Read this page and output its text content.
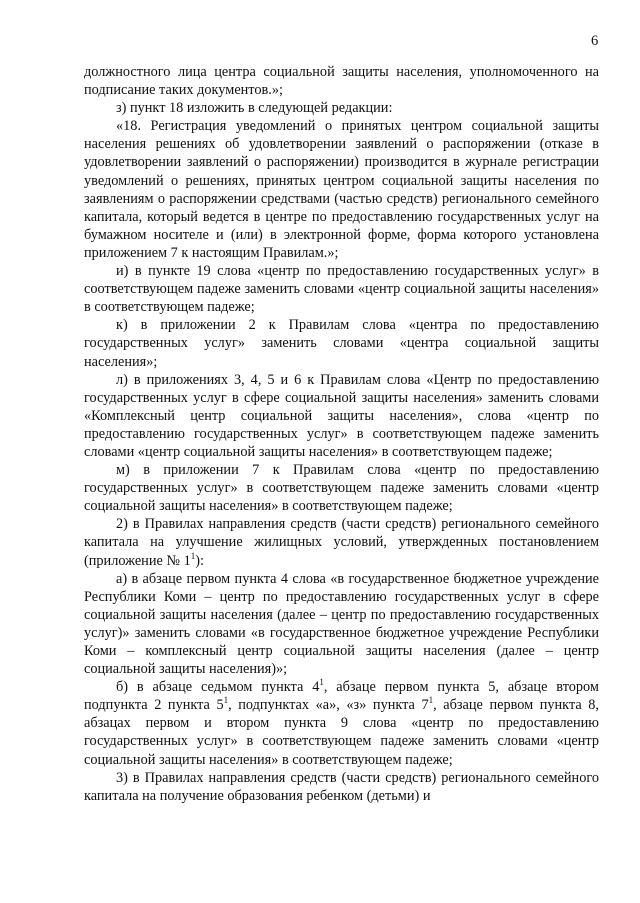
6

должностного лица центра социальной защиты населения, уполномоченного на подписание таких документов.»;

з) пункт 18 изложить в следующей редакции:

«18. Регистрация уведомлений о принятых центром социальной защиты населения решениях об удовлетворении заявлений о распоряжении (отказе в удовлетворении заявлений о распоряжении) производится в журнале регистрации уведомлений о решениях, принятых центром социальной защиты населения по заявлениям о распоряжении средствами (частью средств) регионального семейного капитала, который ведется в центре по предоставлению государственных услуг на бумажном носителе и (или) в электронной форме, форма которого установлена приложением 7 к настоящим Правилам.»;

и) в пункте 19 слова «центр по предоставлению государственных услуг» в соответствующем падеже заменить словами «центр социальной защиты населения» в соответствующем падеже;

к) в приложении 2 к Правилам слова «центра по предоставлению государственных услуг» заменить словами «центра социальной защиты населения»;

л) в приложениях 3, 4, 5 и 6 к Правилам слова «Центр по предоставлению государственных услуг в сфере социальной защиты населения» заменить словами «Комплексный центр социальной защиты населения», слова «центр по предоставлению государственных услуг» в соответствующем падеже заменить словами «центр социальной защиты населения» в соответствующем падеже;

м) в приложении 7 к Правилам слова «центр по предоставлению государственных услуг» в соответствующем падеже заменить словами «центр социальной защиты населения» в соответствующем падеже;

2) в Правилах направления средств (части средств) регионального семейного капитала на улучшение жилищных условий, утвержденных постановлением (приложение № $1^1$):

а) в абзаце первом пункта 4 слова «в государственное бюджетное учреждение Республики Коми – центр по предоставлению государственных услуг в сфере социальной защиты населения (далее – центр по предоставлению государственных услуг)» заменить словами «в государственное бюджетное учреждение Республики Коми – комплексный центр социальной защиты населения (далее – центр социальной защиты населения)»;

б) в абзаце седьмом пункта $4^1$, абзаце первом пункта 5, абзаце втором подпункта 2 пункта $5^1$, подпунктах «а», «з» пункта $7^1$, абзаце первом пункта 8, абзацах первом и втором пункта 9 слова «центр по предоставлению государственных услуг» в соответствующем падеже заменить словами «центр социальной защиты населения» в соответствующем падеже;

3) в Правилах направления средств (части средств) регионального семейного капитала на получение образования ребенком (детьми) и
